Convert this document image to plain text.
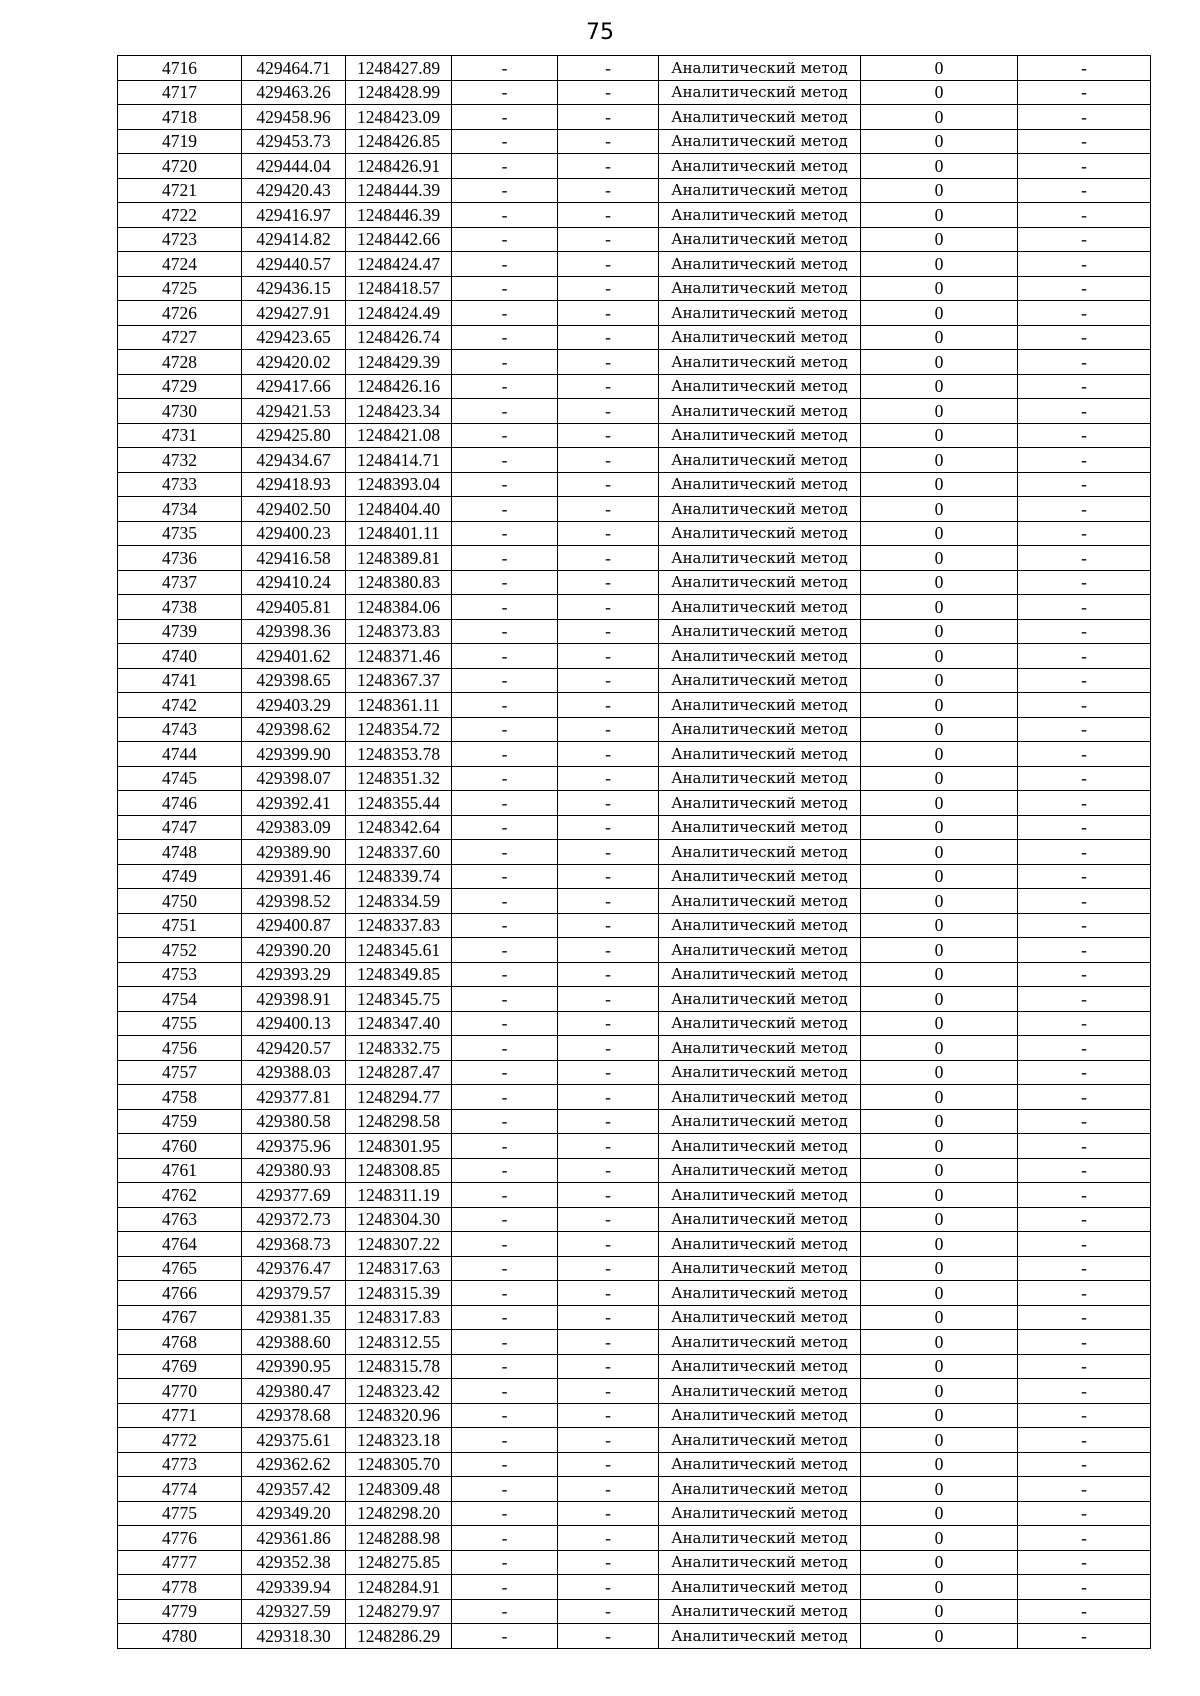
75
4716	429464.71	1248427.89	-	-	Аналитический метод	0	-
4717	429463.26	1248428.99	-	-	Аналитический метод	0	-
4718	429458.96	1248423.09	-	-	Аналитический метод	0	-
4719	429453.73	1248426.85	-	-	Аналитический метод	0	-
4720	429444.04	1248426.91	-	-	Аналитический метод	0	-
4721	429420.43	1248444.39	-	-	Аналитический метод	0	-
4722	429416.97	1248446.39	-	-	Аналитический метод	0	-
4723	429414.82	1248442.66	-	-	Аналитический метод	0	-
4724	429440.57	1248424.47	-	-	Аналитический метод	0	-
4725	429436.15	1248418.57	-	-	Аналитический метод	0	-
4726	429427.91	1248424.49	-	-	Аналитический метод	0	-
4727	429423.65	1248426.74	-	-	Аналитический метод	0	-
4728	429420.02	1248429.39	-	-	Аналитический метод	0	-
4729	429417.66	1248426.16	-	-	Аналитический метод	0	-
4730	429421.53	1248423.34	-	-	Аналитический метод	0	-
4731	429425.80	1248421.08	-	-	Аналитический метод	0	-
4732	429434.67	1248414.71	-	-	Аналитический метод	0	-
4733	429418.93	1248393.04	-	-	Аналитический метод	0	-
4734	429402.50	1248404.40	-	-	Аналитический метод	0	-
4735	429400.23	1248401.11	-	-	Аналитический метод	0	-
4736	429416.58	1248389.81	-	-	Аналитический метод	0	-
4737	429410.24	1248380.83	-	-	Аналитический метод	0	-
4738	429405.81	1248384.06	-	-	Аналитический метод	0	-
4739	429398.36	1248373.83	-	-	Аналитический метод	0	-
4740	429401.62	1248371.46	-	-	Аналитический метод	0	-
4741	429398.65	1248367.37	-	-	Аналитический метод	0	-
4742	429403.29	1248361.11	-	-	Аналитический метод	0	-
4743	429398.62	1248354.72	-	-	Аналитический метод	0	-
4744	429399.90	1248353.78	-	-	Аналитический метод	0	-
4745	429398.07	1248351.32	-	-	Аналитический метод	0	-
4746	429392.41	1248355.44	-	-	Аналитический метод	0	-
4747	429383.09	1248342.64	-	-	Аналитический метод	0	-
4748	429389.90	1248337.60	-	-	Аналитический метод	0	-
4749	429391.46	1248339.74	-	-	Аналитический метод	0	-
4750	429398.52	1248334.59	-	-	Аналитический метод	0	-
4751	429400.87	1248337.83	-	-	Аналитический метод	0	-
4752	429390.20	1248345.61	-	-	Аналитический метод	0	-
4753	429393.29	1248349.85	-	-	Аналитический метод	0	-
4754	429398.91	1248345.75	-	-	Аналитический метод	0	-
4755	429400.13	1248347.40	-	-	Аналитический метод	0	-
4756	429420.57	1248332.75	-	-	Аналитический метод	0	-
4757	429388.03	1248287.47	-	-	Аналитический метод	0	-
4758	429377.81	1248294.77	-	-	Аналитический метод	0	-
4759	429380.58	1248298.58	-	-	Аналитический метод	0	-
4760	429375.96	1248301.95	-	-	Аналитический метод	0	-
4761	429380.93	1248308.85	-	-	Аналитический метод	0	-
4762	429377.69	1248311.19	-	-	Аналитический метод	0	-
4763	429372.73	1248304.30	-	-	Аналитический метод	0	-
4764	429368.73	1248307.22	-	-	Аналитический метод	0	-
4765	429376.47	1248317.63	-	-	Аналитический метод	0	-
4766	429379.57	1248315.39	-	-	Аналитический метод	0	-
4767	429381.35	1248317.83	-	-	Аналитический метод	0	-
4768	429388.60	1248312.55	-	-	Аналитический метод	0	-
4769	429390.95	1248315.78	-	-	Аналитический метод	0	-
4770	429380.47	1248323.42	-	-	Аналитический метод	0	-
4771	429378.68	1248320.96	-	-	Аналитический метод	0	-
4772	429375.61	1248323.18	-	-	Аналитический метод	0	-
4773	429362.62	1248305.70	-	-	Аналитический метод	0	-
4774	429357.42	1248309.48	-	-	Аналитический метод	0	-
4775	429349.20	1248298.20	-	-	Аналитический метод	0	-
4776	429361.86	1248288.98	-	-	Аналитический метод	0	-
4777	429352.38	1248275.85	-	-	Аналитический метод	0	-
4778	429339.94	1248284.91	-	-	Аналитический метод	0	-
4779	429327.59	1248279.97	-	-	Аналитический метод	0	-
4780	429318.30	1248286.29	-	-	Аналитический метод	0	-
